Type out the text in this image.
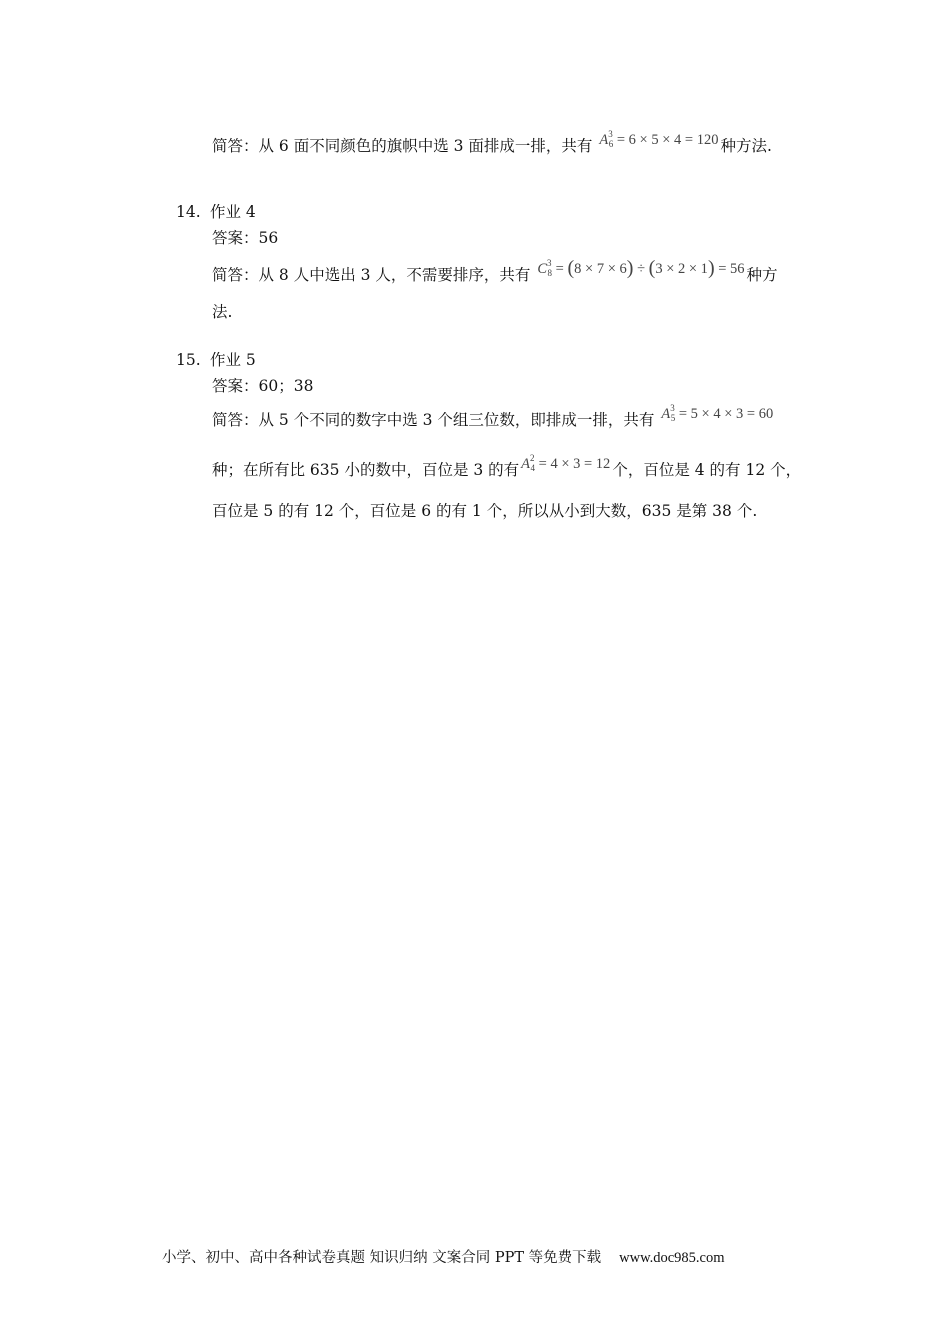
简答：从 6 面不同颜色的旗帜中选 3 面排成一排，共有 $A^3_6 = 6 \times 5 \times 4 = 120$ 种方法.
14. 作业 4
答案：56
简答：从 8 人中选出 3 人，不需要排序，共有 $C^3_8 = (8 \times 7 \times 6) \div (3 \times 2 \times 1) = 56$ 种方
法.
15. 作业 5
答案：60；38
简答：从 5 个不同的数字中选 3 个组三位数，即排成一排，共有 $A^3_5 = 5 \times 4 \times 3 = 60$
种；在所有比 635 小的数中，百位是 3 的有 $A^2_4 = 4 \times 3 = 12$ 个，百位是 4 的有 12 个，
百位是 5 的有 12 个，百位是 6 的有 1 个，所以从小到大数，635 是第 38 个.
小学、初中、高中各种试卷真题 知识归纳 文案合同 PPT 等免费下载 www.doc985.com
